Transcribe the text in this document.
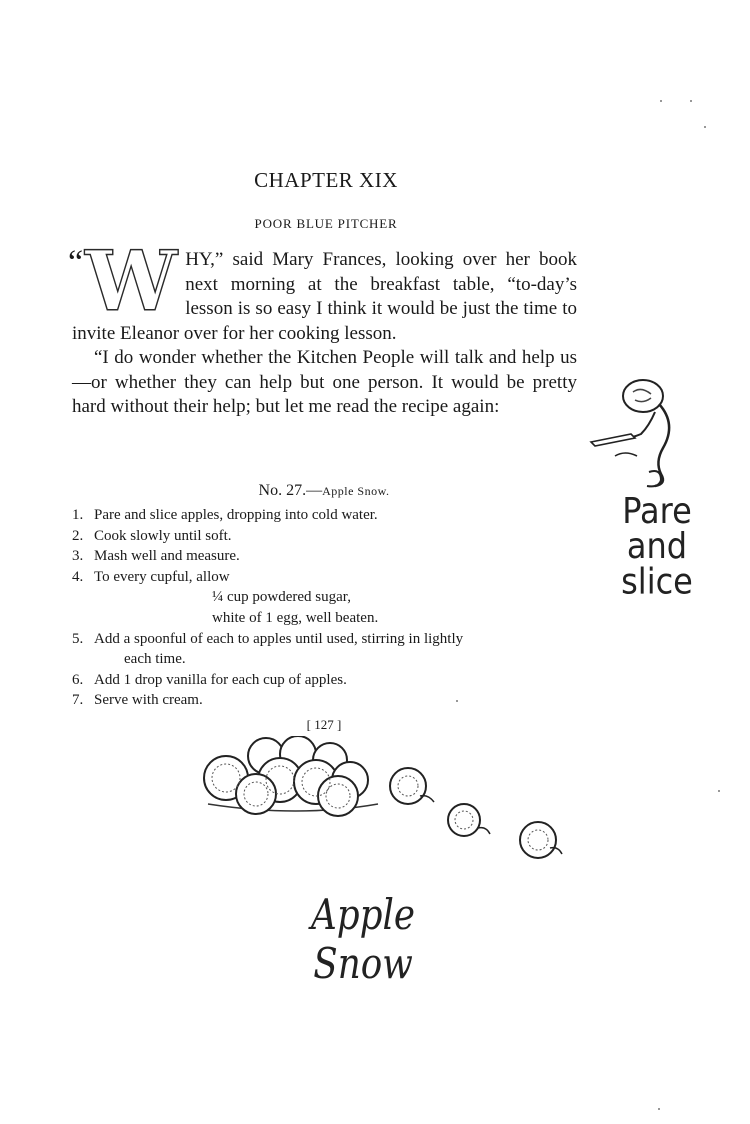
CHAPTER XIX
POOR BLUE PITCHER

“ W HY,” said Mary Frances, looking over her book next morning at the breakfast table, “to-day’s lesson is so easy I think it would be just the time to invite Eleanor over for her cooking lesson.

“I do wonder whether the Kitchen People will talk and help us—or whether they can help but one person. It would be pretty hard without their help; but let me read the recipe again:

No. 27.—Apple Snow.
1. Pare and slice apples, dropping into cold water.
2. Cook slowly until soft.
3. Mash well and measure.
4. To every cupful, allow
¼ cup powdered sugar,
white of 1 egg, well beaten.
5. Add a spoonful of each to apples until used, stirring in lightly
each time.
6. Add 1 drop vanilla for each cup of apples.
7. Serve with cream.
[ 127 ]
Pare
and
slice
Apple Snow
